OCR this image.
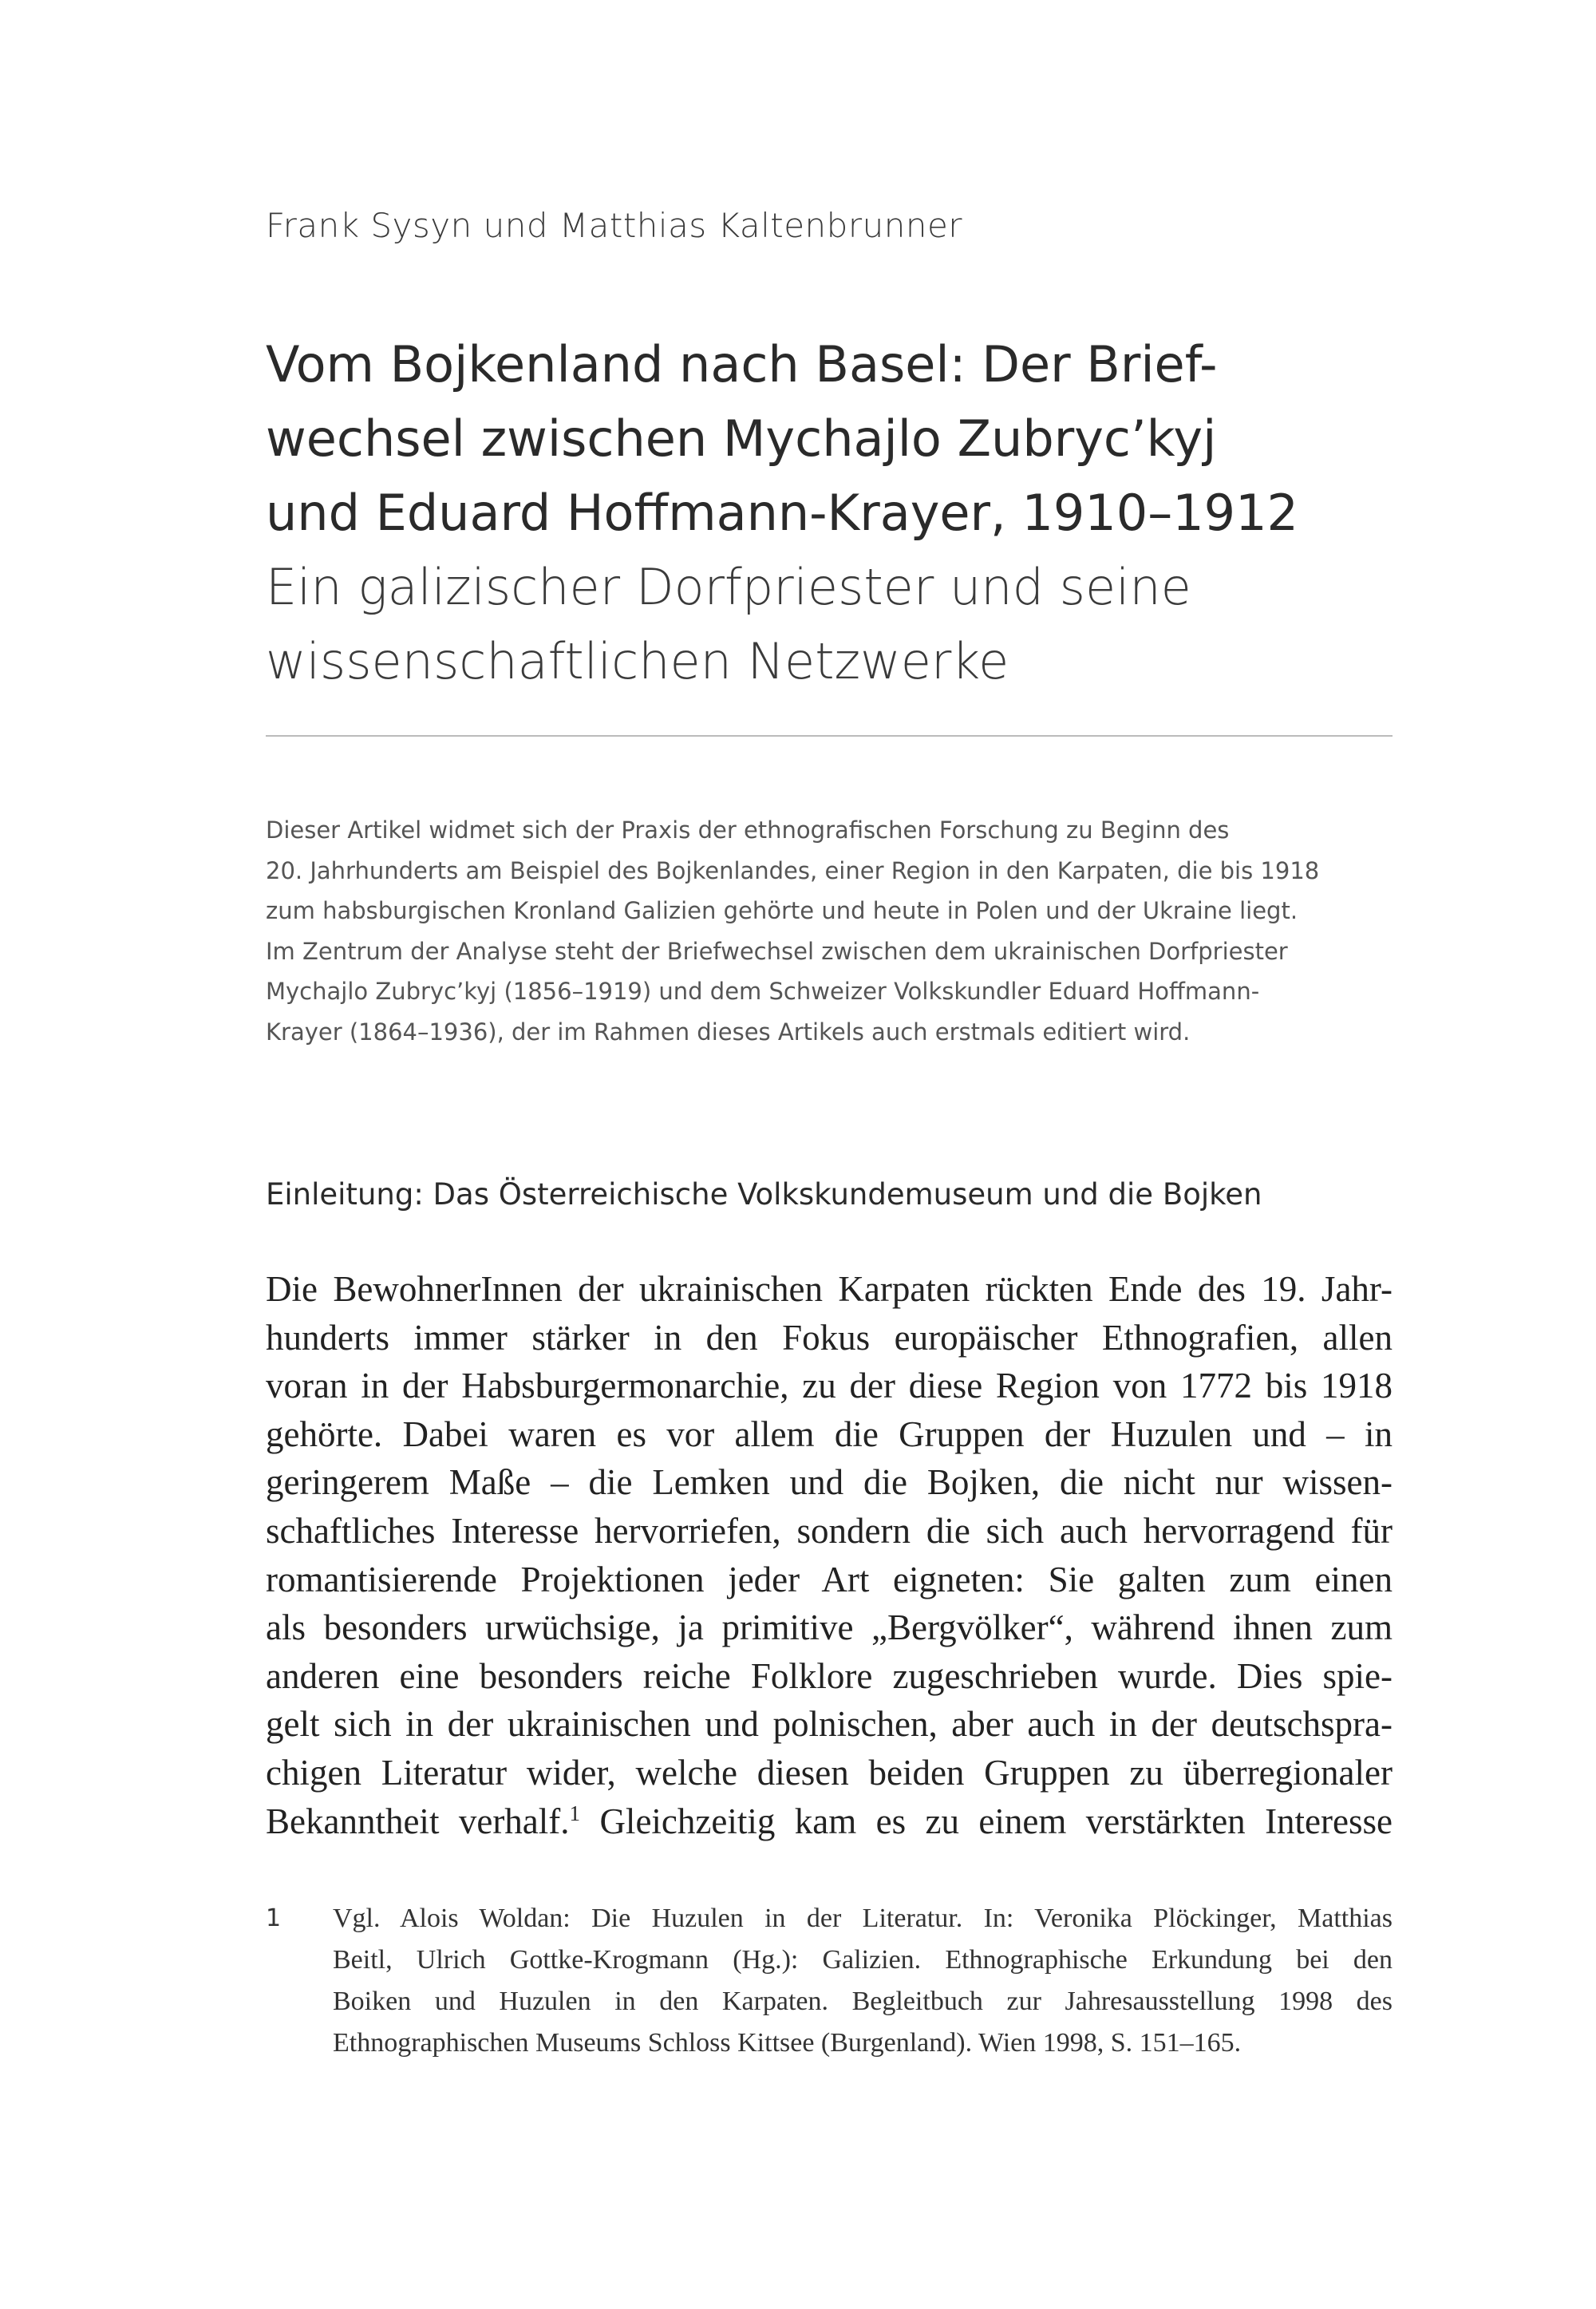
Frank Sysyn und Matthias Kaltenbrunner
Vom Bojkenland nach Basel: Der Brief-
wechsel zwischen Mychajlo Zubryc’kyj
und Eduard Hoffmann-Krayer, 1910–1912
Ein galizischer Dorfpriester und seine
wissenschaftlichen Netzwerke
Dieser Artikel widmet sich der Praxis der ethnografischen Forschung zu Beginn des
20. Jahrhunderts am Beispiel des Bojkenlandes, einer Region in den Karpaten, die bis 1918
zum habsburgischen Kronland Galizien gehörte und heute in Polen und der Ukraine liegt.
Im Zentrum der Analyse steht der Briefwechsel zwischen dem ukrainischen Dorfpriester
Mychajlo Zubryc’kyj (1856–1919) und dem Schweizer Volkskundler Eduard Hoffmann-
Krayer (1864–1936), der im Rahmen dieses Artikels auch erstmals editiert wird.
Einleitung: Das Österreichische Volkskundemuseum und die Bojken
Die BewohnerInnen der ukrainischen Karpaten rückten Ende des 19. Jahr-
hunderts immer stärker in den Fokus europäischer Ethnografien, allen
voran in der Habsburgermonarchie, zu der diese Region von 1772 bis 1918
gehörte. Dabei waren es vor allem die Gruppen der Huzulen und – in
geringerem Maße – die Lemken und die Bojken, die nicht nur wissen-
schaftliches Interesse hervorriefen, sondern die sich auch hervorragend für
romantisierende Projektionen jeder Art eigneten: Sie galten zum einen
als besonders urwüchsige, ja primitive „Bergvölker“, während ihnen zum
anderen eine besonders reiche Folklore zugeschrieben wurde. Dies spie-
gelt sich in der ukrainischen und polnischen, aber auch in der deutschspra-
chigen Literatur wider, welche diesen beiden Gruppen zu überregionaler
Bekanntheit verhalf.$^1$ Gleichzeitig kam es zu einem verstärkten Interesse
1 Vgl. Alois Woldan: Die Huzulen in der Literatur. In: Veronika Plöckinger, Matthias
Beitl, Ulrich Gottke-Krogmann (Hg.): Galizien. Ethnographische Erkundung bei den
Boiken und Huzulen in den Karpaten. Begleitbuch zur Jahresausstellung 1998 des
Ethnographischen Museums Schloss Kittsee (Burgenland). Wien 1998, S. 151–165.
